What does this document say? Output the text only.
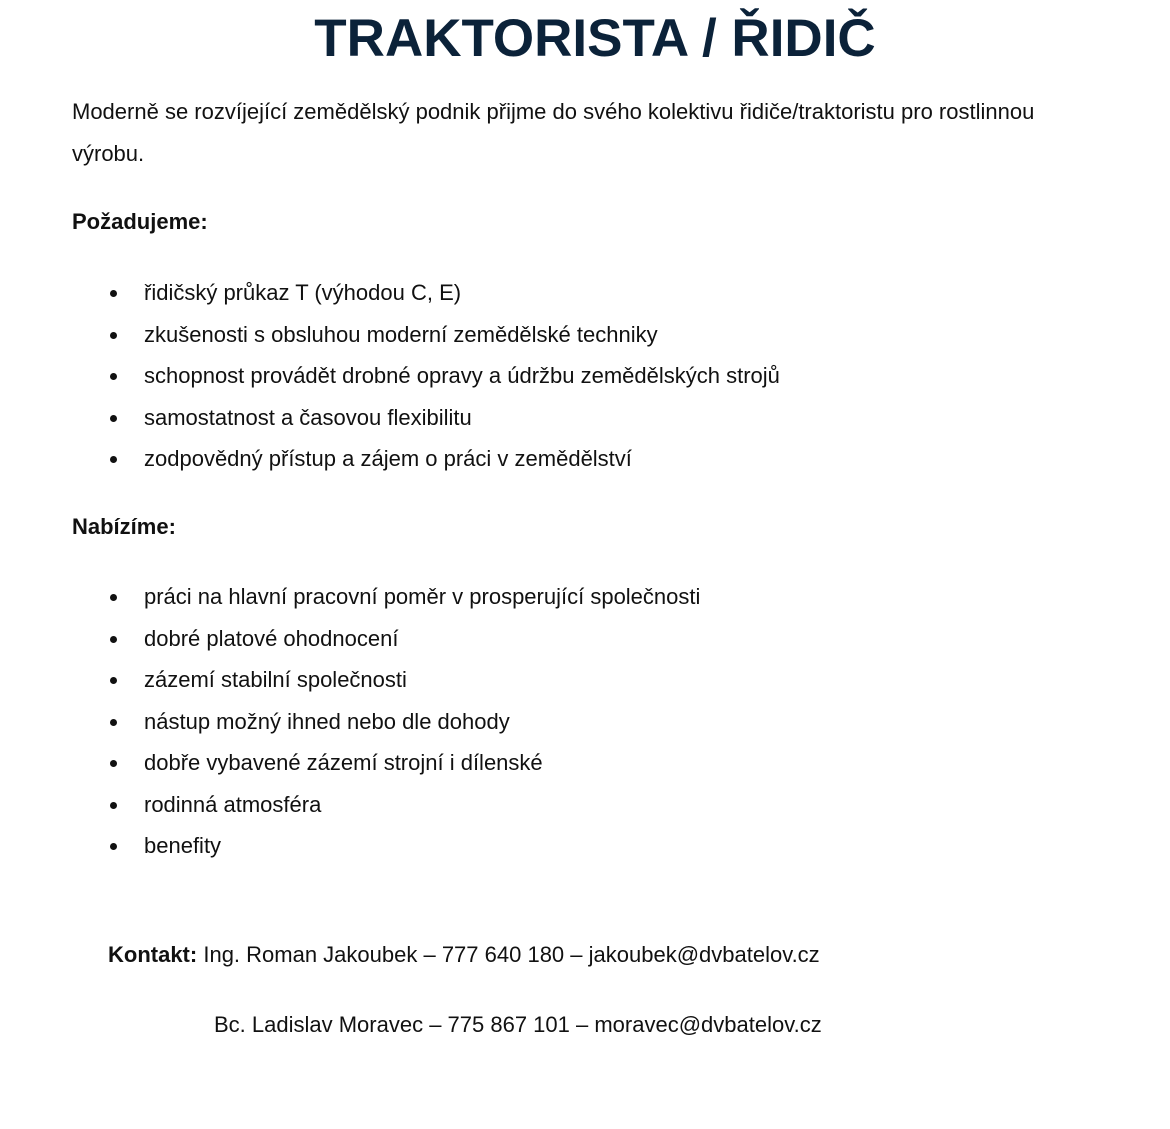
TRAKTORISTA / ŘIDIČ

Moderně se rozvíjející zemědělský podnik přijme do svého kolektivu řidiče/traktoristu pro rostlinnou výrobu.

Požadujeme:

řidičský průkaz T (výhodou C, E)
zkušenosti s obsluhou moderní zemědělské techniky
schopnost provádět drobné opravy a údržbu zemědělských strojů
samostatnost a časovou flexibilitu
zodpovědný přístup a zájem o práci v zemědělství

Nabízíme:

práci na hlavní pracovní poměr v prosperující společnosti
dobré platové ohodnocení
zázemí stabilní společnosti
nástup možný ihned nebo dle dohody
dobře vybavené zázemí strojní i dílenské
rodinná atmosféra
benefity

Kontakt: Ing. Roman Jakoubek – 777 640 180 – jakoubek@dvbatelov.cz

Bc. Ladislav Moravec – 775 867 101 – moravec@dvbatelov.cz
